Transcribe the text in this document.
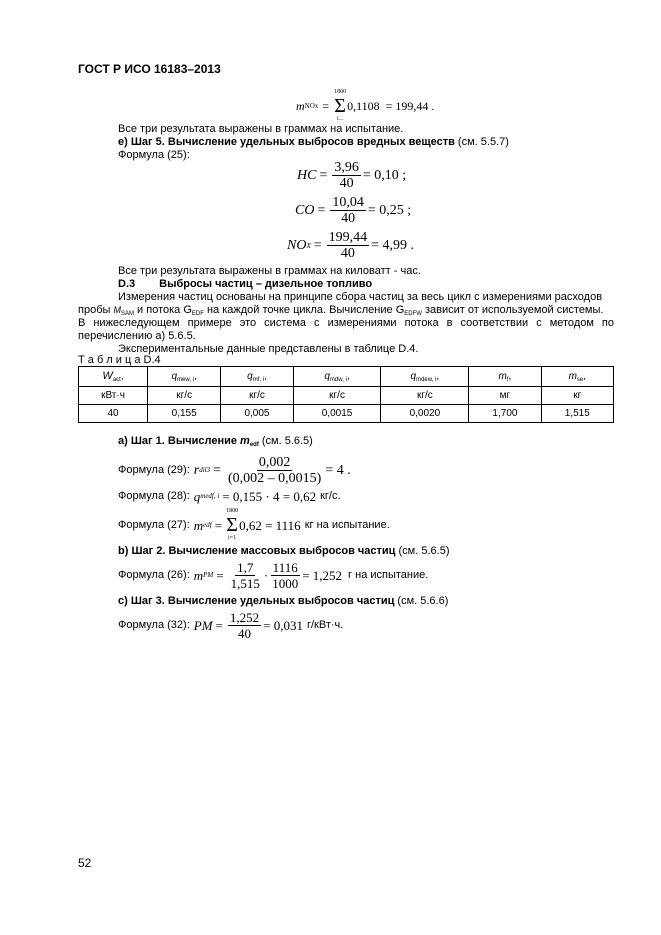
ГОСТ Р ИСО 16183–2013
m NOx =
1800
Σ
i...
0,1108 = 199,44 .
Все три результата выражены в граммах на испытание.
e) Шаг 5. Вычисление удельных выбросов вредных веществ (см. 5.5.7)
Формула (25):
HC = $\frac{3,96}{40} = 0,10$ ;
CO = $\frac{10,04}{40} = 0,25$ ;
NO $X = \frac{199,44}{40} = 4,99$ .
Все три результата выражены в граммах на киловатт - час.
D.3 Выбросы частиц – дизельное топливо
Измерения частиц основаны на принципе сбора частиц за весь цикл с измерениями расходов
пробы MSAM и потока GEDF на каждой точке цикла. Вычисление GEDFW зависит от используемой системы.
В нижеследующем примере это система с измерениями потока в соответствии с методом по
перечислению а) 5.6.5.
Экспериментальные данные представлены в таблице D.4.
Т а б л и ц а D.4
$W_{act}$,	$q_{mew, i}$,	$q_{mf, i}$,	$q_{mdw, i}$,	$q_{mdew, i}$,	$m_f$,	$m_{se}$,
кВт·ч	кг/с	кг/с	кг/с	кг/с	мг	кг
40	0,155	0,005	0,0015	0,0020	1,700	1,515
a) Шаг 1. Вычисление medf (см. 5.6.5)
Формула (29): r $dil3 = \frac{0,002}{(0,002 - 0,0015)} = 4$ .
Формула (28): q medf, i = 0,155 · 4 = 0,62 кг/с.
Формула (27): m edf =
1800
Σ
i=1
0,62 = 1116 кг на испытание.
b) Шаг 2. Вычисление массовых выбросов частиц (см. 5.6.5)
Формула (26): m PM = $\frac{1,7}{1,515} \cdot \frac{1116}{1000} = 1,252$ г на испытание.
c) Шаг 3. Вычисление удельных выбросов частиц (см. 5.6.6)
Формула (32): PM = $\frac{1,252}{40} = 0,031$ г/кВт·ч.
52
